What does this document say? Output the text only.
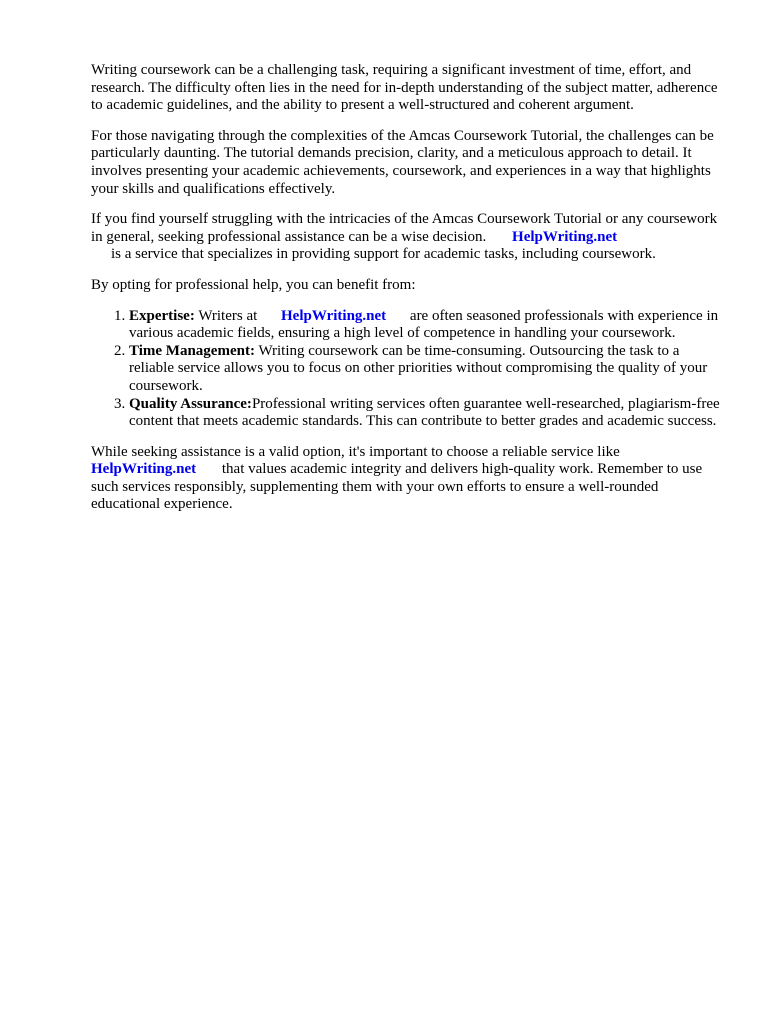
Writing coursework can be a challenging task, requiring a significant investment of time, effort, and research. The difficulty often lies in the need for in-depth understanding of the subject matter, adherence to academic guidelines, and the ability to present a well-structured and coherent argument.

For those navigating through the complexities of the Amcas Coursework Tutorial, the challenges can be particularly daunting. The tutorial demands precision, clarity, and a meticulous approach to detail. It involves presenting your academic achievements, coursework, and experiences in a way that highlights your skills and qualifications effectively.

If you find yourself struggling with the intricacies of the Amcas Coursework Tutorial or any coursework in general, seeking professional assistance can be a wise decision. HelpWriting.net
is a service that specializes in providing support for academic tasks, including coursework.

By opting for professional help, you can benefit from:

1. Expertise: Writers at HelpWriting.net are often seasoned professionals with experience in various academic fields, ensuring a high level of competence in handling your coursework.
2. Time Management: Writing coursework can be time-consuming. Outsourcing the task to a reliable service allows you to focus on other priorities without compromising the quality of your coursework.
3. Quality Assurance:Professional writing services often guarantee well-researched, plagiarism-free content that meets academic standards. This can contribute to better grades and academic success.

While seeking assistance is a valid option, it's important to choose a reliable service like HelpWriting.net that values academic integrity and delivers high-quality work. Remember to use such services responsibly, supplementing them with your own efforts to ensure a well-rounded educational experience.
